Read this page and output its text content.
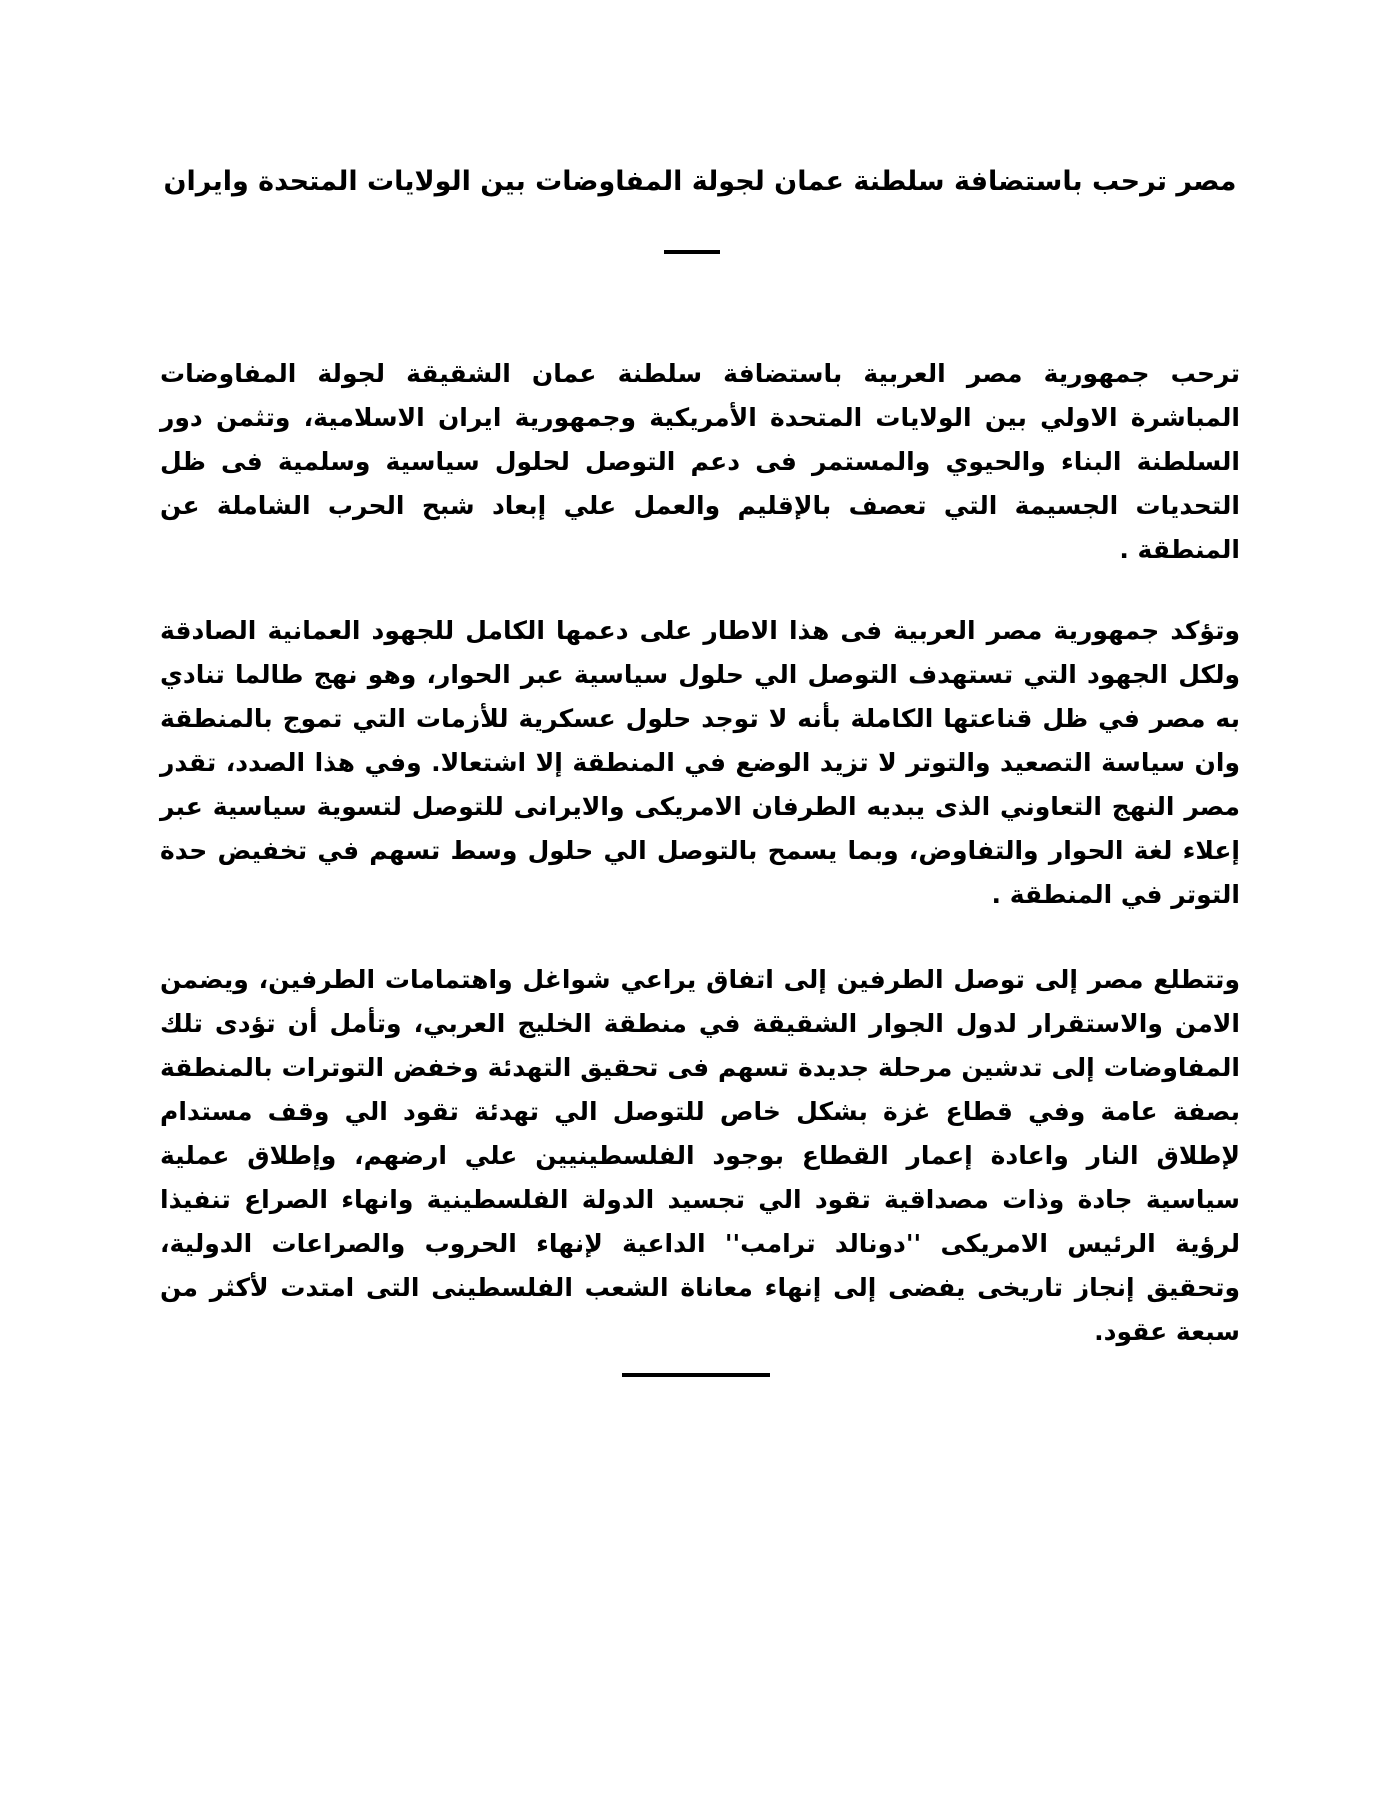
مصر ترحب باستضافة سلطنة عمان لجولة المفاوضات بين الولايات المتحدة وايران

ترحب جمهورية مصر العربية باستضافة سلطنة عمان الشقيقة لجولة المفاوضات المباشرة الاولي بين الولايات المتحدة الأمريكية وجمهورية ايران الاسلامية، وتثمن دور السلطنة البناء والحيوي والمستمر فى دعم التوصل لحلول سياسية وسلمية فى ظل التحديات الجسيمة التي تعصف بالإقليم والعمل علي إبعاد شبح الحرب الشاملة عن المنطقة .

وتؤكد جمهورية مصر العربية فى هذا الاطار على دعمها الكامل للجهود العمانية الصادقة ولكل الجهود التي تستهدف التوصل الي حلول سياسية عبر الحوار، وهو نهج طالما تنادي به مصر في ظل قناعتها الكاملة بأنه لا توجد حلول عسكرية للأزمات التي تموج بالمنطقة وان سياسة التصعيد والتوتر لا تزيد الوضع في المنطقة إلا اشتعالا. وفي هذا الصدد، تقدر مصر النهج التعاوني الذى يبديه الطرفان الامريكى والايرانى للتوصل لتسوية سياسية عبر إعلاء لغة الحوار والتفاوض، وبما يسمح بالتوصل الي حلول وسط تسهم في تخفيض حدة التوتر في المنطقة .

وتتطلع مصر إلى توصل الطرفين إلى اتفاق يراعي شواغل واهتمامات الطرفين، ويضمن الامن والاستقرار لدول الجوار الشقيقة في منطقة الخليج العربي، وتأمل أن تؤدى تلك المفاوضات إلى تدشين مرحلة جديدة تسهم فى تحقيق التهدئة وخفض التوترات بالمنطقة بصفة عامة وفي قطاع غزة بشكل خاص للتوصل الي تهدئة تقود الي وقف مستدام لإطلاق النار واعادة إعمار القطاع بوجود الفلسطينيين علي ارضهم، وإطلاق عملية سياسية جادة وذات مصداقية تقود الي تجسيد الدولة الفلسطينية وانهاء الصراع تنفيذا لرؤية الرئيس الامريكى ''دونالد ترامب'' الداعية لإنهاء الحروب والصراعات الدولية، وتحقيق إنجاز تاريخى يفضى إلى إنهاء معاناة الشعب الفلسطينى التى امتدت لأكثر من سبعة عقود.
